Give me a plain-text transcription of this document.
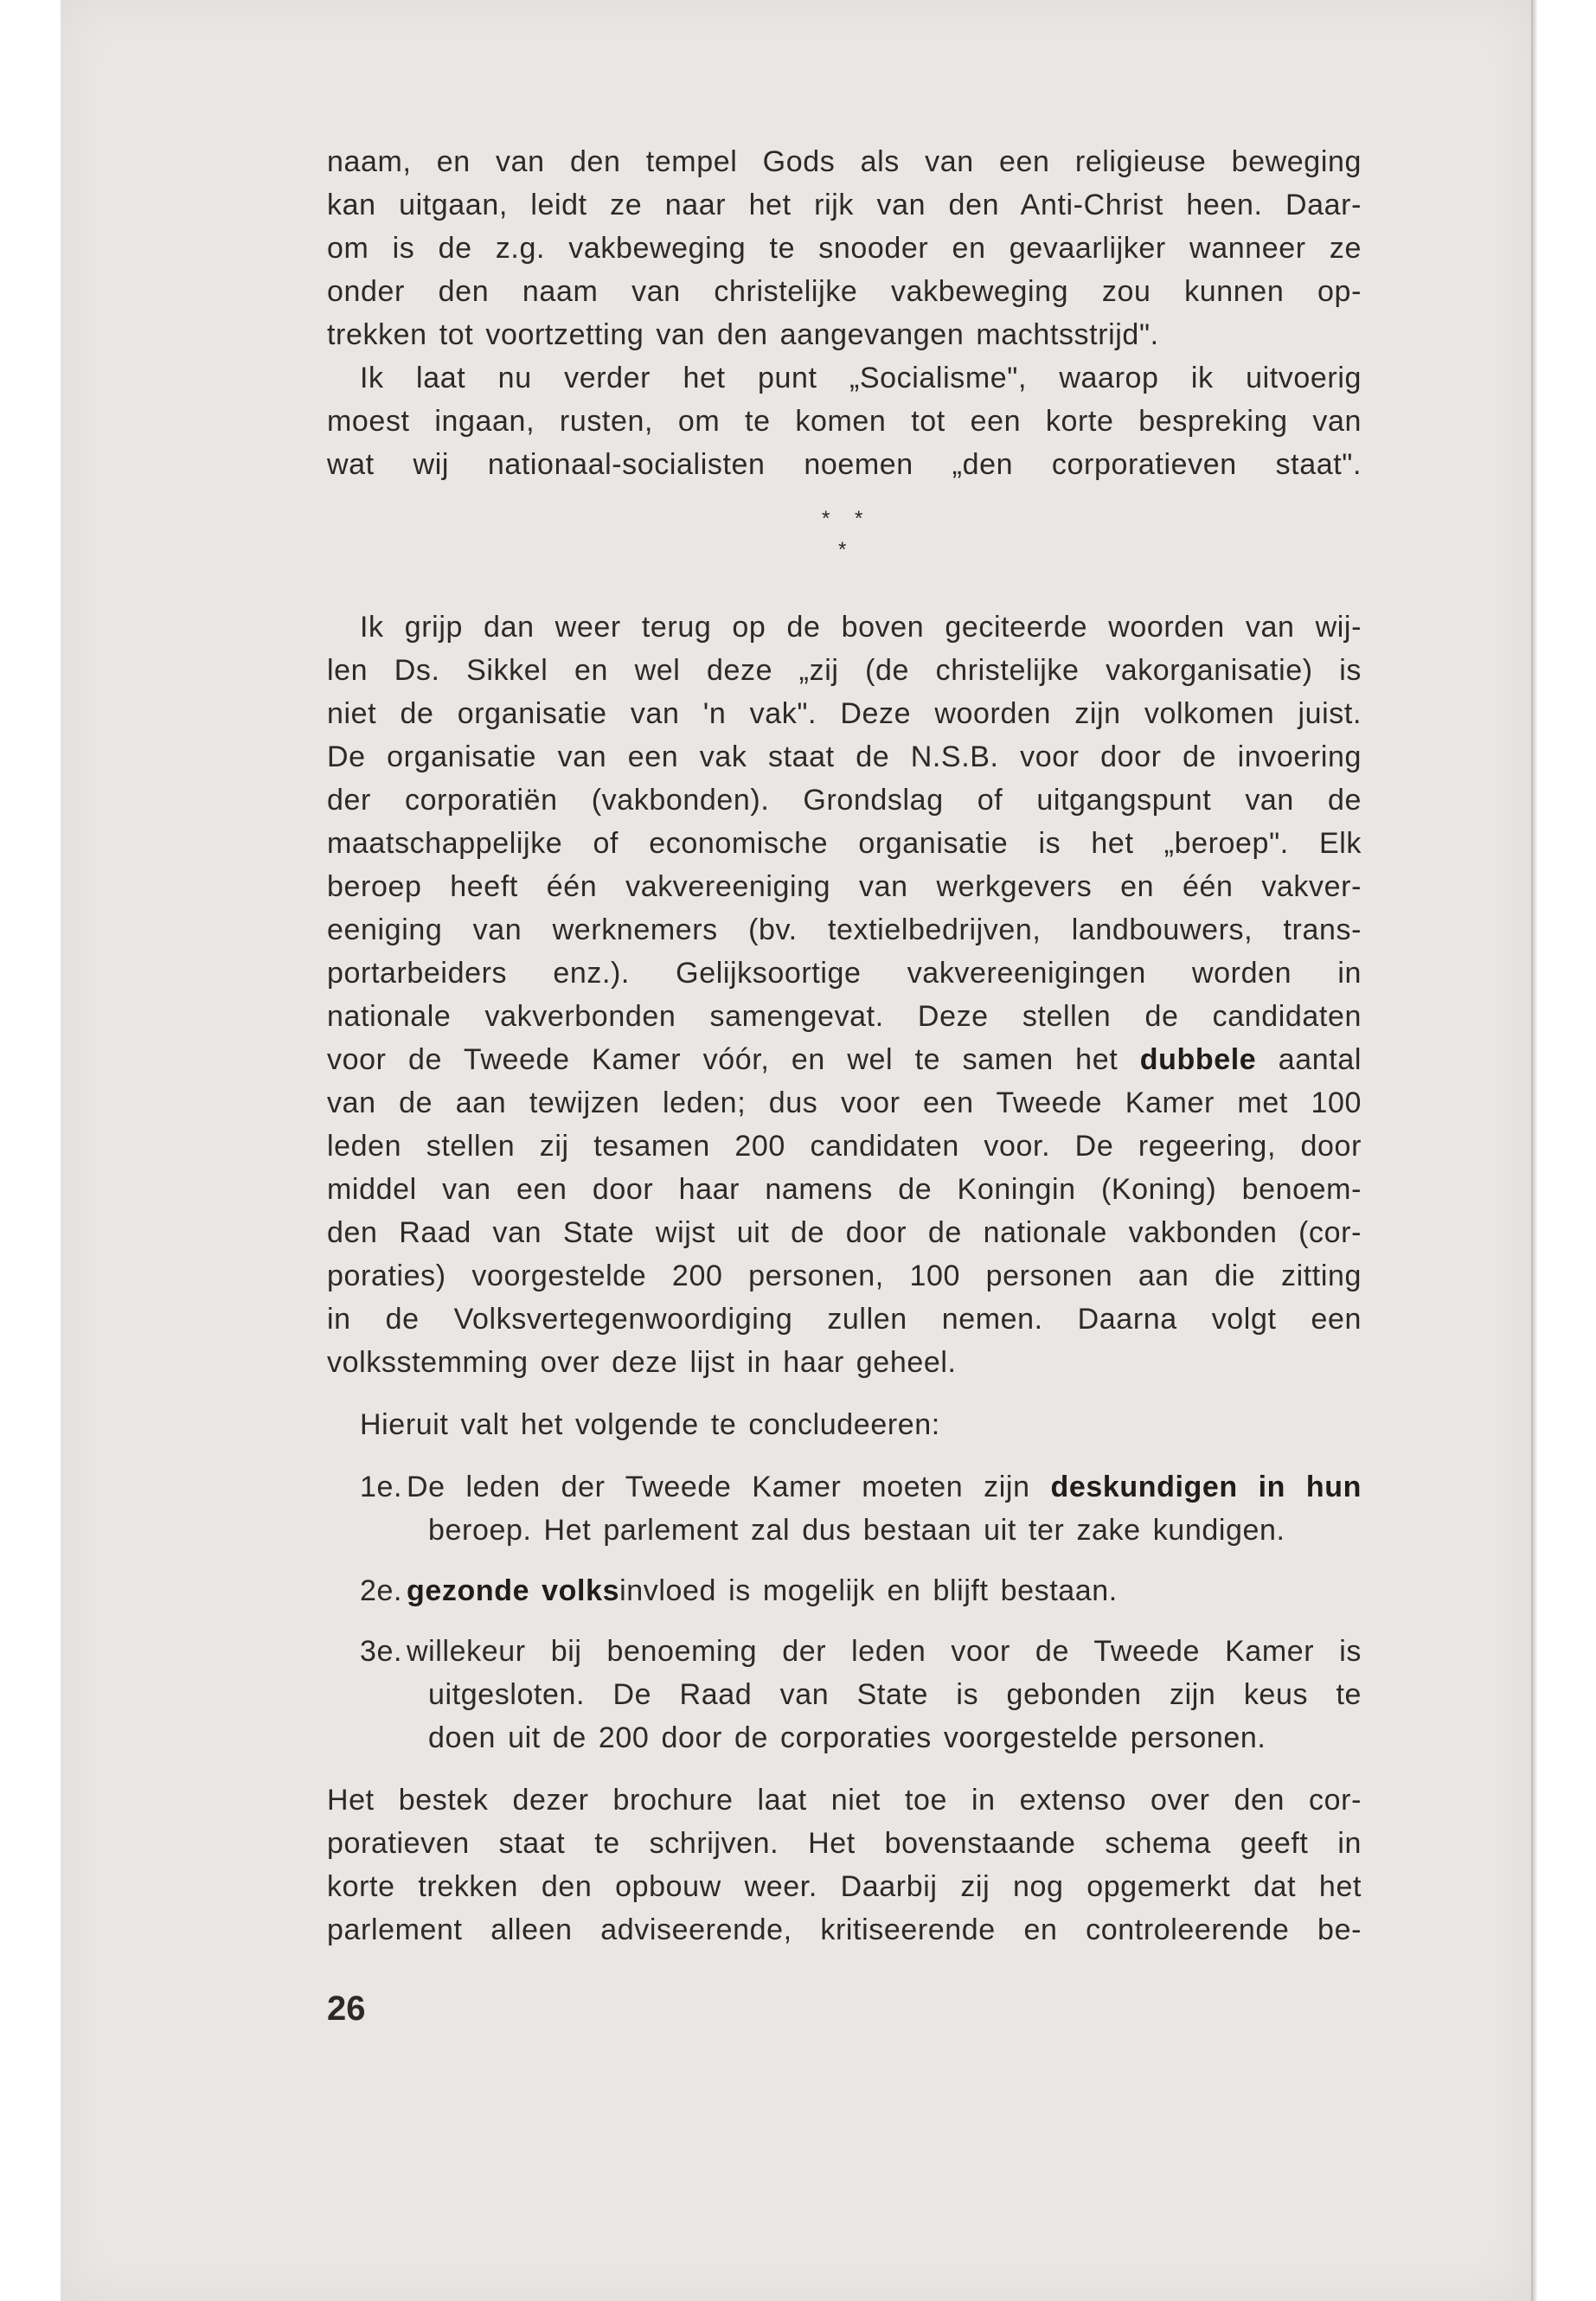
naam, en van den tempel Gods als van een religieuse beweging
kan uitgaan, leidt ze naar het rijk van den Anti-Christ heen. Daar-
om is de z.g. vakbeweging te snooder en gevaarlijker wanneer ze
onder den naam van christelijke vakbeweging zou kunnen op-
trekken tot voortzetting van den aangevangen machtsstrijd".
Ik laat nu verder het punt „Socialisme", waarop ik uitvoerig
moest ingaan, rusten, om te komen tot een korte bespreking van
wat wij nationaal-socialisten noemen „den corporatieven staat".
* *
*
Ik grijp dan weer terug op de boven geciteerde woorden van wij-
len Ds. Sikkel en wel deze „zij (de christelijke vakorganisatie) is
niet de organisatie van 'n vak". Deze woorden zijn volkomen juist.
De organisatie van een vak staat de N.S.B. voor door de invoering
der corporatiën (vakbonden). Grondslag of uitgangspunt van de
maatschappelijke of economische organisatie is het „beroep". Elk
beroep heeft één vakvereeniging van werkgevers en één vakver-
eeniging van werknemers (bv. textielbedrijven, landbouwers, trans-
portarbeiders enz.). Gelijksoortige vakvereenigingen worden in
nationale vakverbonden samengevat. Deze stellen de candidaten
voor de Tweede Kamer vóór, en wel te samen het dubbele aantal
van de aan tewijzen leden; dus voor een Tweede Kamer met 100
leden stellen zij tesamen 200 candidaten voor. De regeering, door
middel van een door haar namens de Koningin (Koning) benoem-
den Raad van State wijst uit de door de nationale vakbonden (cor-
poraties) voorgestelde 200 personen, 100 personen aan die zitting
in de Volksvertegenwoordiging zullen nemen. Daarna volgt een
volksstemming over deze lijst in haar geheel.
Hieruit valt het volgende te concludeeren:
1e. De leden der Tweede Kamer moeten zijn deskundigen in hun
beroep. Het parlement zal dus bestaan uit ter zake kundigen.
2e. gezonde volksinvloed is mogelijk en blijft bestaan.
3e. willekeur bij benoeming der leden voor de Tweede Kamer is
uitgesloten. De Raad van State is gebonden zijn keus te
doen uit de 200 door de corporaties voorgestelde personen.
Het bestek dezer brochure laat niet toe in extenso over den cor-
poratieven staat te schrijven. Het bovenstaande schema geeft in
korte trekken den opbouw weer. Daarbij zij nog opgemerkt dat het
parlement alleen adviseerende, kritiseerende en controleerende be-
26
